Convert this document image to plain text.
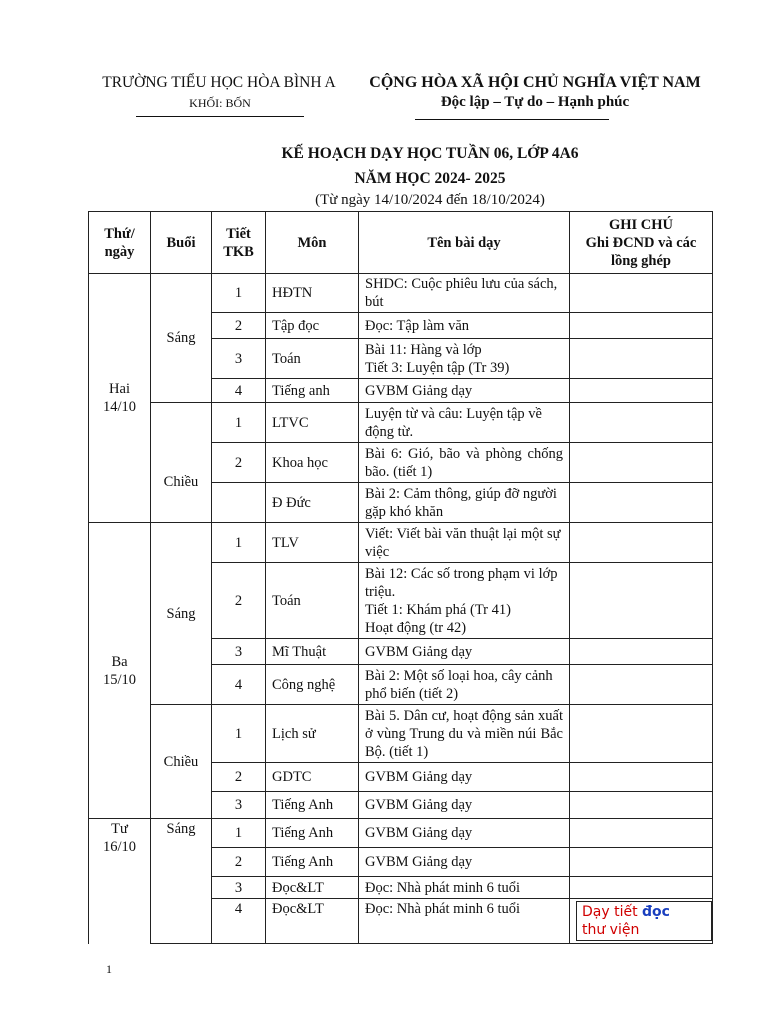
TRƯỜNG TIỂU HỌC HÒA BÌNH A
KHỐI: BỐN
CỘNG HÒA XÃ HỘI CHỦ NGHĨA VIỆT NAM
Độc lập – Tự do – Hạnh phúc
KẾ HOẠCH DẠY HỌC TUẦN 06, LỚP 4A6
NĂM HỌC 2024- 2025
(Từ ngày 14/10/2024 đến 18/10/2024)
Thứ/ ngày	Buổi	Tiết TKB	Môn	Tên bài dạy	GHI CHÚ
Ghi ĐCND và các lồng ghép

Hai
14/10	Sáng	1	HĐTN	SHDC: Cuộc phiêu lưu của sách, bút	
		2	Tập đọc	Đọc: Tập làm văn	
		3	Toán	Bài 11: Hàng và lớp
Tiết 3: Luyện tập (Tr 39)	
		4	Tiếng anh	GVBM Giảng dạy	
	Chiều	1	LTVC	Luyện từ và câu: Luyện tập về động từ.	
		2	Khoa học	Bài 6: Gió, bão và phòng chống bão. (tiết 1)	
			Đ Đức	Bài 2: Cảm thông, giúp đỡ người gặp khó khăn	

Ba
15/10	Sáng	1	TLV	Viết: Viết bài văn thuật lại một sự việc	
		2	Toán	Bài 12: Các số trong phạm vi lớp triệu.
Tiết 1: Khám phá (Tr 41)
Hoạt động (tr 42)	
		3	Mĩ Thuật	GVBM Giảng dạy	
		4	Công nghệ	Bài 2: Một số loại hoa, cây cảnh phổ biến (tiết 2)	
	Chiều	1	Lịch sử	Bài 5. Dân cư, hoạt động sản xuất ở vùng Trung du và miền núi Bắc Bộ. (tiết 1)	
		2	GDTC	GVBM Giảng dạy	
		3	Tiếng Anh	GVBM Giảng dạy	

Tư
16/10	Sáng	1	Tiếng Anh	GVBM Giảng dạy	
		2	Tiếng Anh	GVBM Giảng dạy	
		3	Đọc&LT	Đọc: Nhà phát minh 6 tuổi	
		4	Đọc&LT	Đọc: Nhà phát minh 6 tuổi	Dạy tiết đọc
thư viện
1
